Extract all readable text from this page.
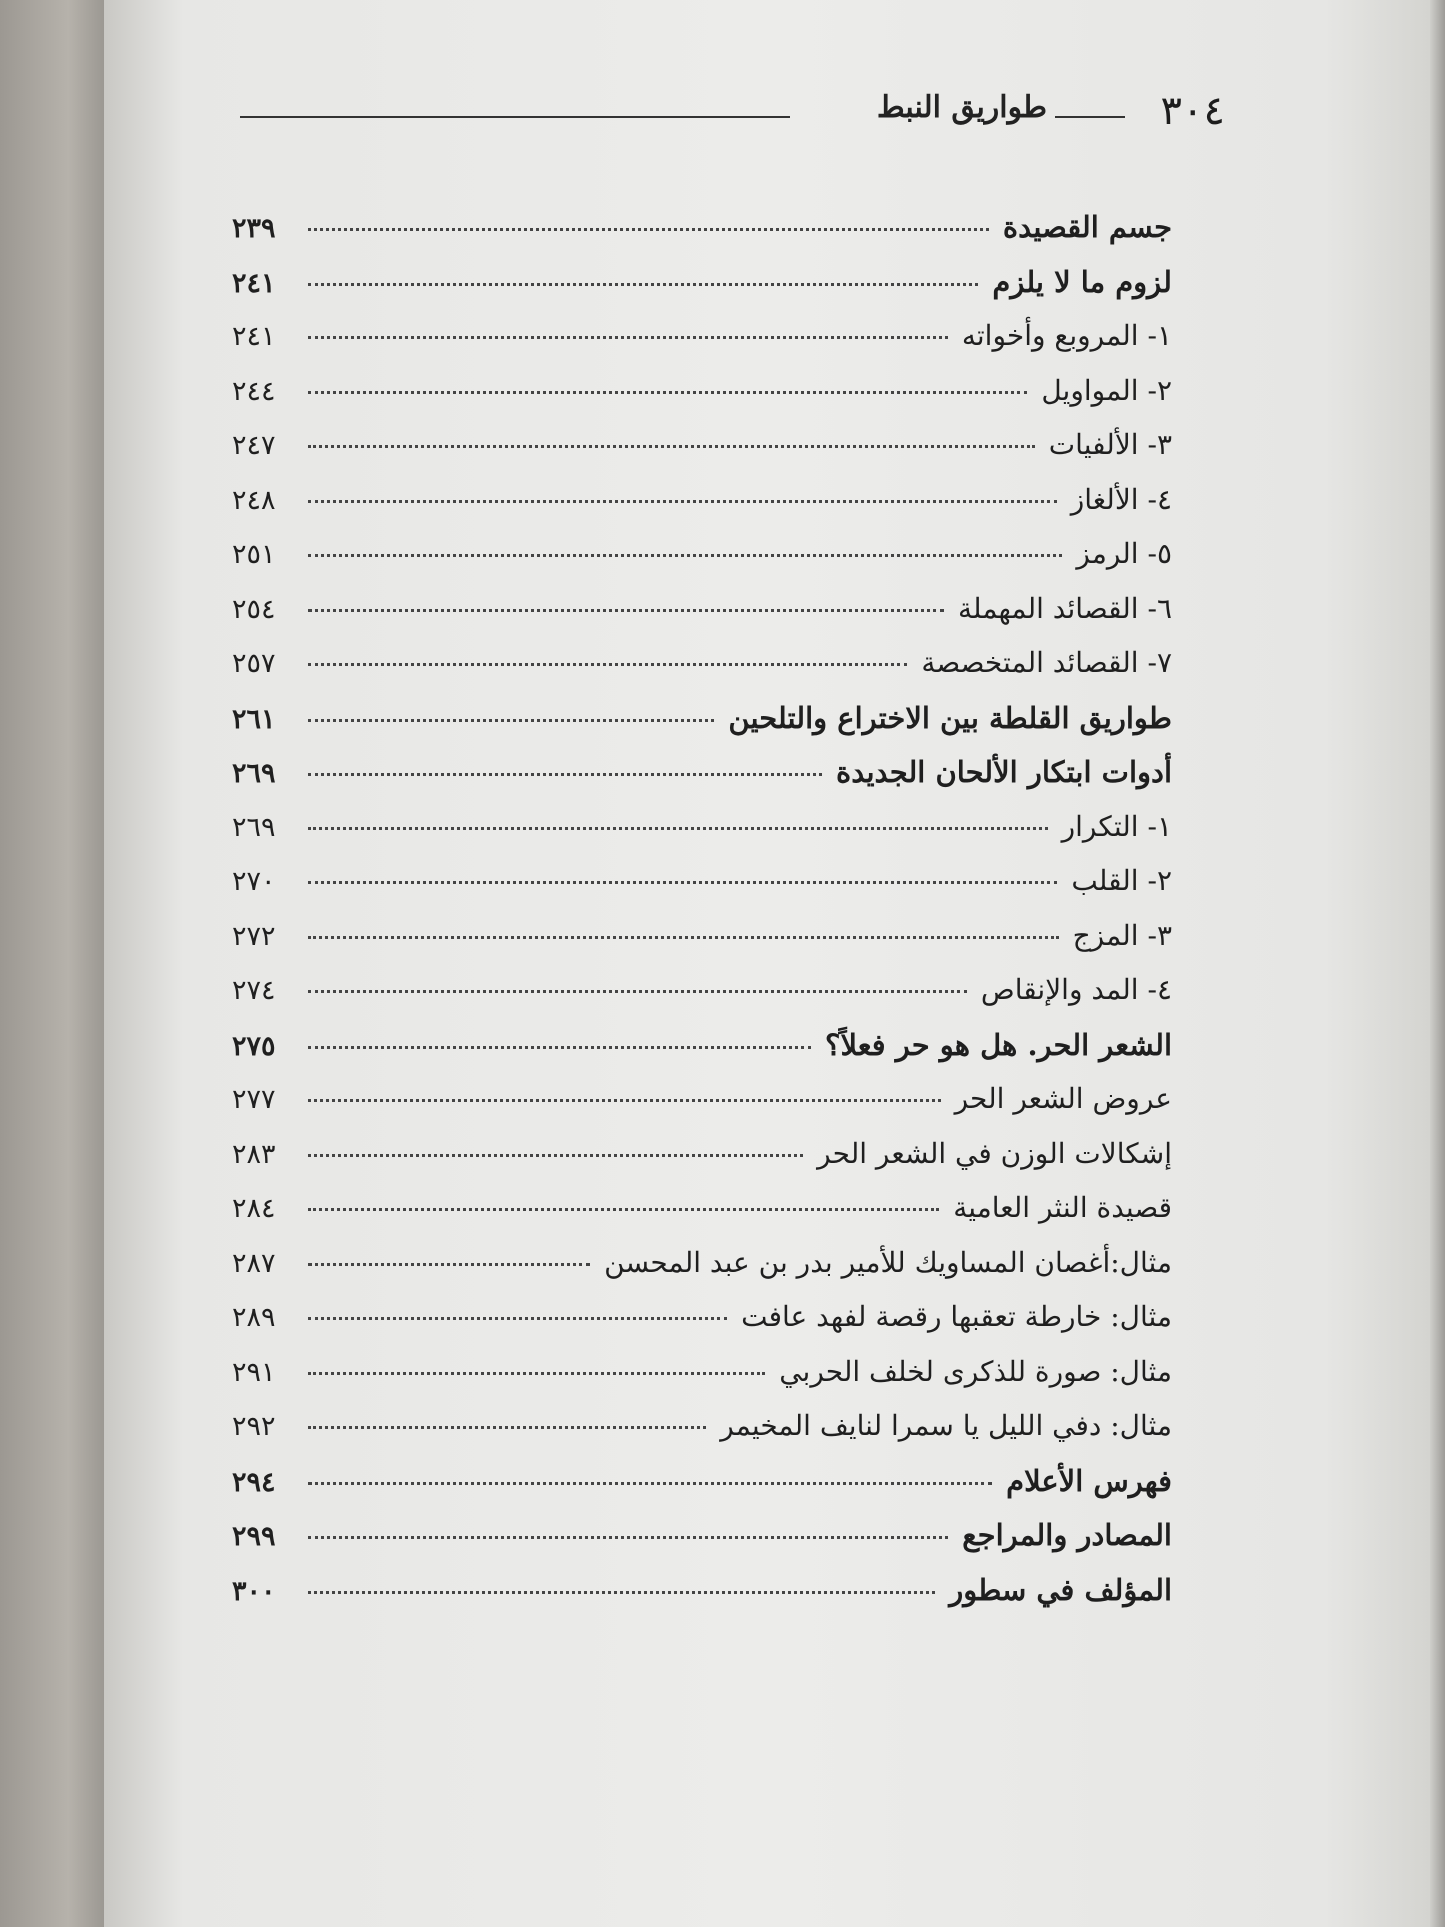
٣٠٤
طواريق النبط
جسم القصيدة
٢٣٩
لزوم ما لا يلزم
٢٤١
١- المروبع وأخواته
٢٤١
٢- المواويل
٢٤٤
٣- الألفيات
٢٤٧
٤- الألغاز
٢٤٨
٥- الرمز
٢٥١
٦- القصائد المهملة
٢٥٤
٧- القصائد المتخصصة
٢٥٧
طواريق القلطة بين الاختراع والتلحين
٢٦١
أدوات ابتكار الألحان الجديدة
٢٦٩
١- التكرار
٢٦٩
٢- القلب
٢٧٠
٣- المزج
٢٧٢
٤- المد والإنقاص
٢٧٤
الشعر الحر. هل هو حر فعلاً؟
٢٧٥
عروض الشعر الحر
٢٧٧
إشكالات الوزن في الشعر الحر
٢٨٣
قصيدة النثر العامية
٢٨٤
مثال:أغصان المساويك للأمير بدر بن عبد المحسن
٢٨٧
مثال: خارطة تعقبها رقصة لفهد عافت
٢٨٩
مثال: صورة للذكرى لخلف الحربي
٢٩١
مثال: دفي الليل يا سمرا لنايف المخيمر
٢٩٢
فهرس الأعلام
٢٩٤
المصادر والمراجع
٢٩٩
المؤلف في سطور
٣٠٠
